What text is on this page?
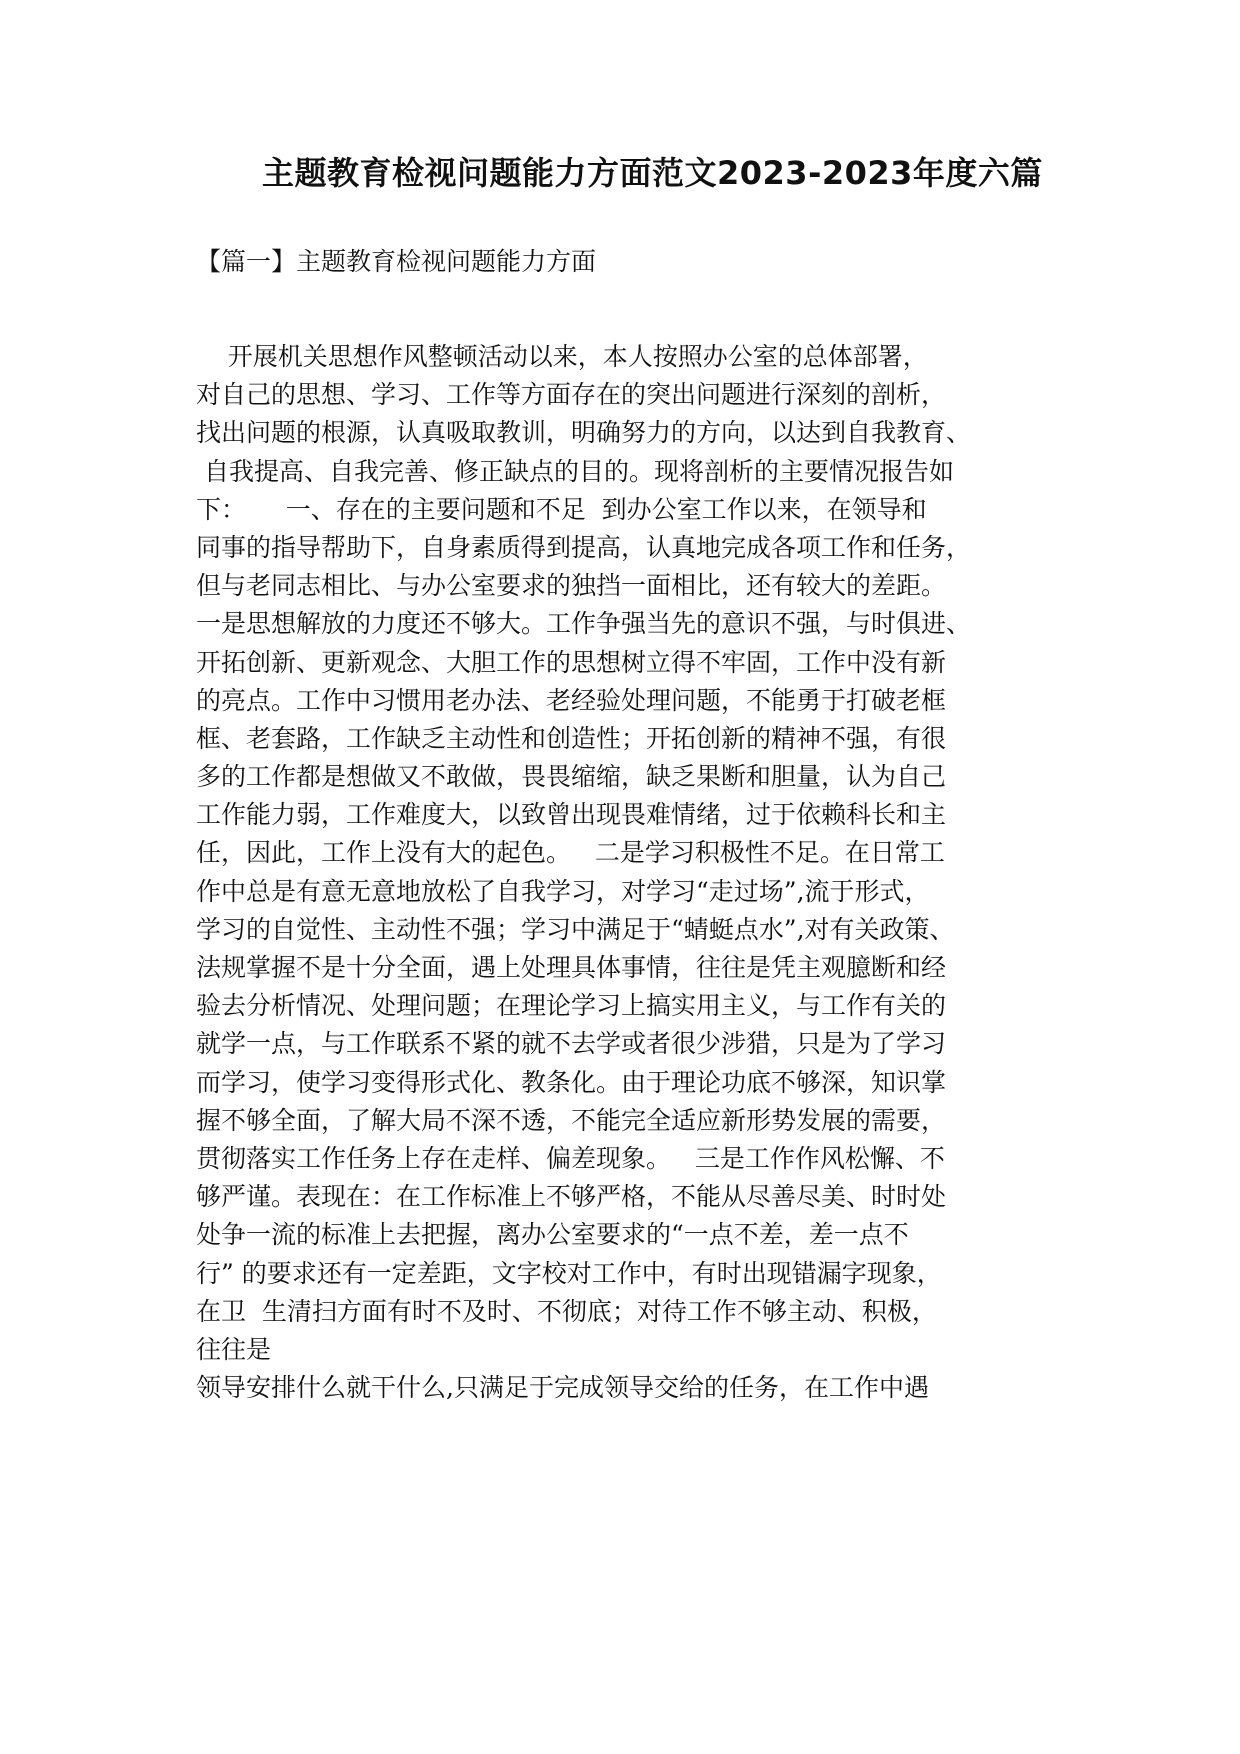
主题教育检视问题能力方面范文2023-2023年度六篇
【篇一】主题教育检视问题能力方面
开展机关思想作风整顿活动以来，本人按照办公室的总体部署，
对自己的思想、学习、工作等方面存在的突出问题进行深刻的剖析，
找出问题的根源，认真吸取教训，明确努力的方向，以达到自我教育、
自我提高、自我完善、修正缺点的目的。现将剖析的主要情况报告如
下：     一、存在的主要问题和不足  到办公室工作以来，在领导和
同事的指导帮助下，自身素质得到提高，认真地完成各项工作和任务，
但与老同志相比、与办公室要求的独挡一面相比，还有较大的差距。
一是思想解放的力度还不够大。工作争强当先的意识不强，与时俱进、
开拓创新、更新观念、大胆工作的思想树立得不牢固，工作中没有新
的亮点。工作中习惯用老办法、老经验处理问题，不能勇于打破老框
框、老套路，工作缺乏主动性和创造性；开拓创新的精神不强，有很
多的工作都是想做又不敢做，畏畏缩缩，缺乏果断和胆量，认为自己
工作能力弱，工作难度大，以致曾出现畏难情绪，过于依赖科长和主
任，因此，工作上没有大的起色。   二是学习积极性不足。在日常工
作中总是有意无意地放松了自我学习，对学习“走过场”,流于形式，
学习的自觉性、主动性不强；学习中满足于“蜻蜓点水”,对有关政策、
法规掌握不是十分全面，遇上处理具体事情，往往是凭主观臆断和经
验去分析情况、处理问题；在理论学习上搞实用主义，与工作有关的
就学一点，与工作联系不紧的就不去学或者很少涉猎，只是为了学习
而学习，使学习变得形式化、教条化。由于理论功底不够深，知识掌
握不够全面，了解大局不深不透，不能完全适应新形势发展的需要，
贯彻落实工作任务上存在走样、偏差现象。   三是工作作风松懈、不
够严谨。表现在：在工作标准上不够严格，不能从尽善尽美、时时处
处争一流的标准上去把握，离办公室要求的“一点不差，差一点不
行” 的要求还有一定差距，文字校对工作中，有时出现错漏字现象，
在卫  生清扫方面有时不及时、不彻底；对待工作不够主动、积极，
往往是
领导安排什么就干什么,只满足于完成领导交给的任务，在工作中遇
